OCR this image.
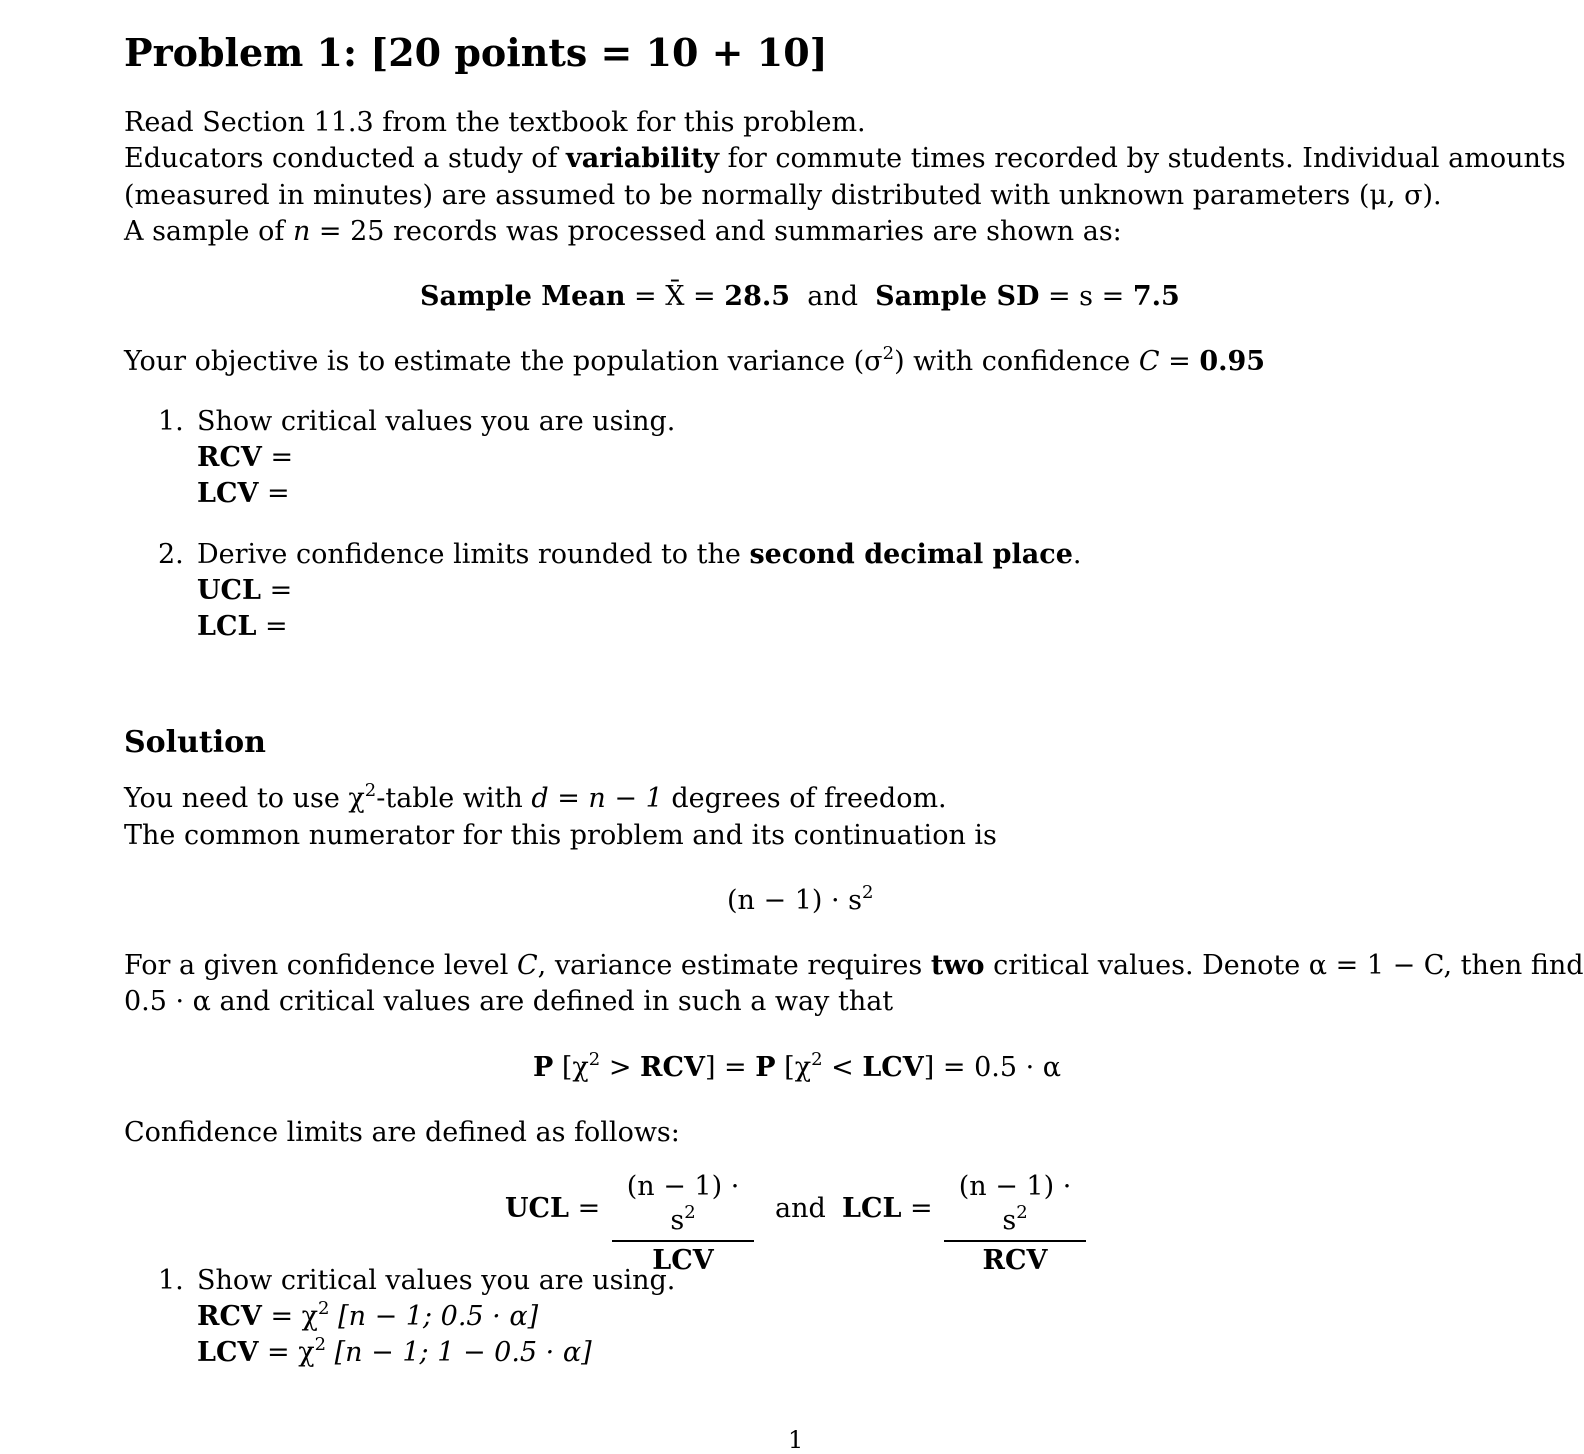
Problem 1: [20 points = 10 + 10]
Read Section 11.3 from the textbook for this problem.
Educators conducted a study of variability for commute times recorded by students. Individual amounts
(measured in minutes) are assumed to be normally distributed with unknown parameters (μ, σ).
A sample of n = 25 records was processed and summaries are shown as:
Sample Mean = X̄ = 28.5 and Sample SD = s = 7.5
Your objective is to estimate the population variance $(\sigma^2)$ with confidence C = 0.95
1. Show critical values you are using.
RCV =
LCV =
2. Derive confidence limits rounded to the second decimal place.
UCL =
LCL =
Solution
You need to use $\chi^2$-table with d = n − 1 degrees of freedom.
The common numerator for this problem and its continuation is
$(n - 1) \cdot s^2$
For a given confidence level C, variance estimate requires two critical values. Denote α = 1 − C, then find
0.5 · α and critical values are defined in such a way that
P $[\chi^2 > RCV] = P$ $[\chi^2 < LCV] = 0.5 \cdot \alpha$
Confidence limits are defined as follows:
UCL =
$(n - 1) \cdot s^2$
LCV
and LCL =
$(n - 1) \cdot s^2$
RCV
1. Show critical values you are using.
RCV = $\chi^2$ [n − 1; 0.5 · α]
LCV = $\chi^2$ [n − 1; 1 − 0.5 · α]
1
